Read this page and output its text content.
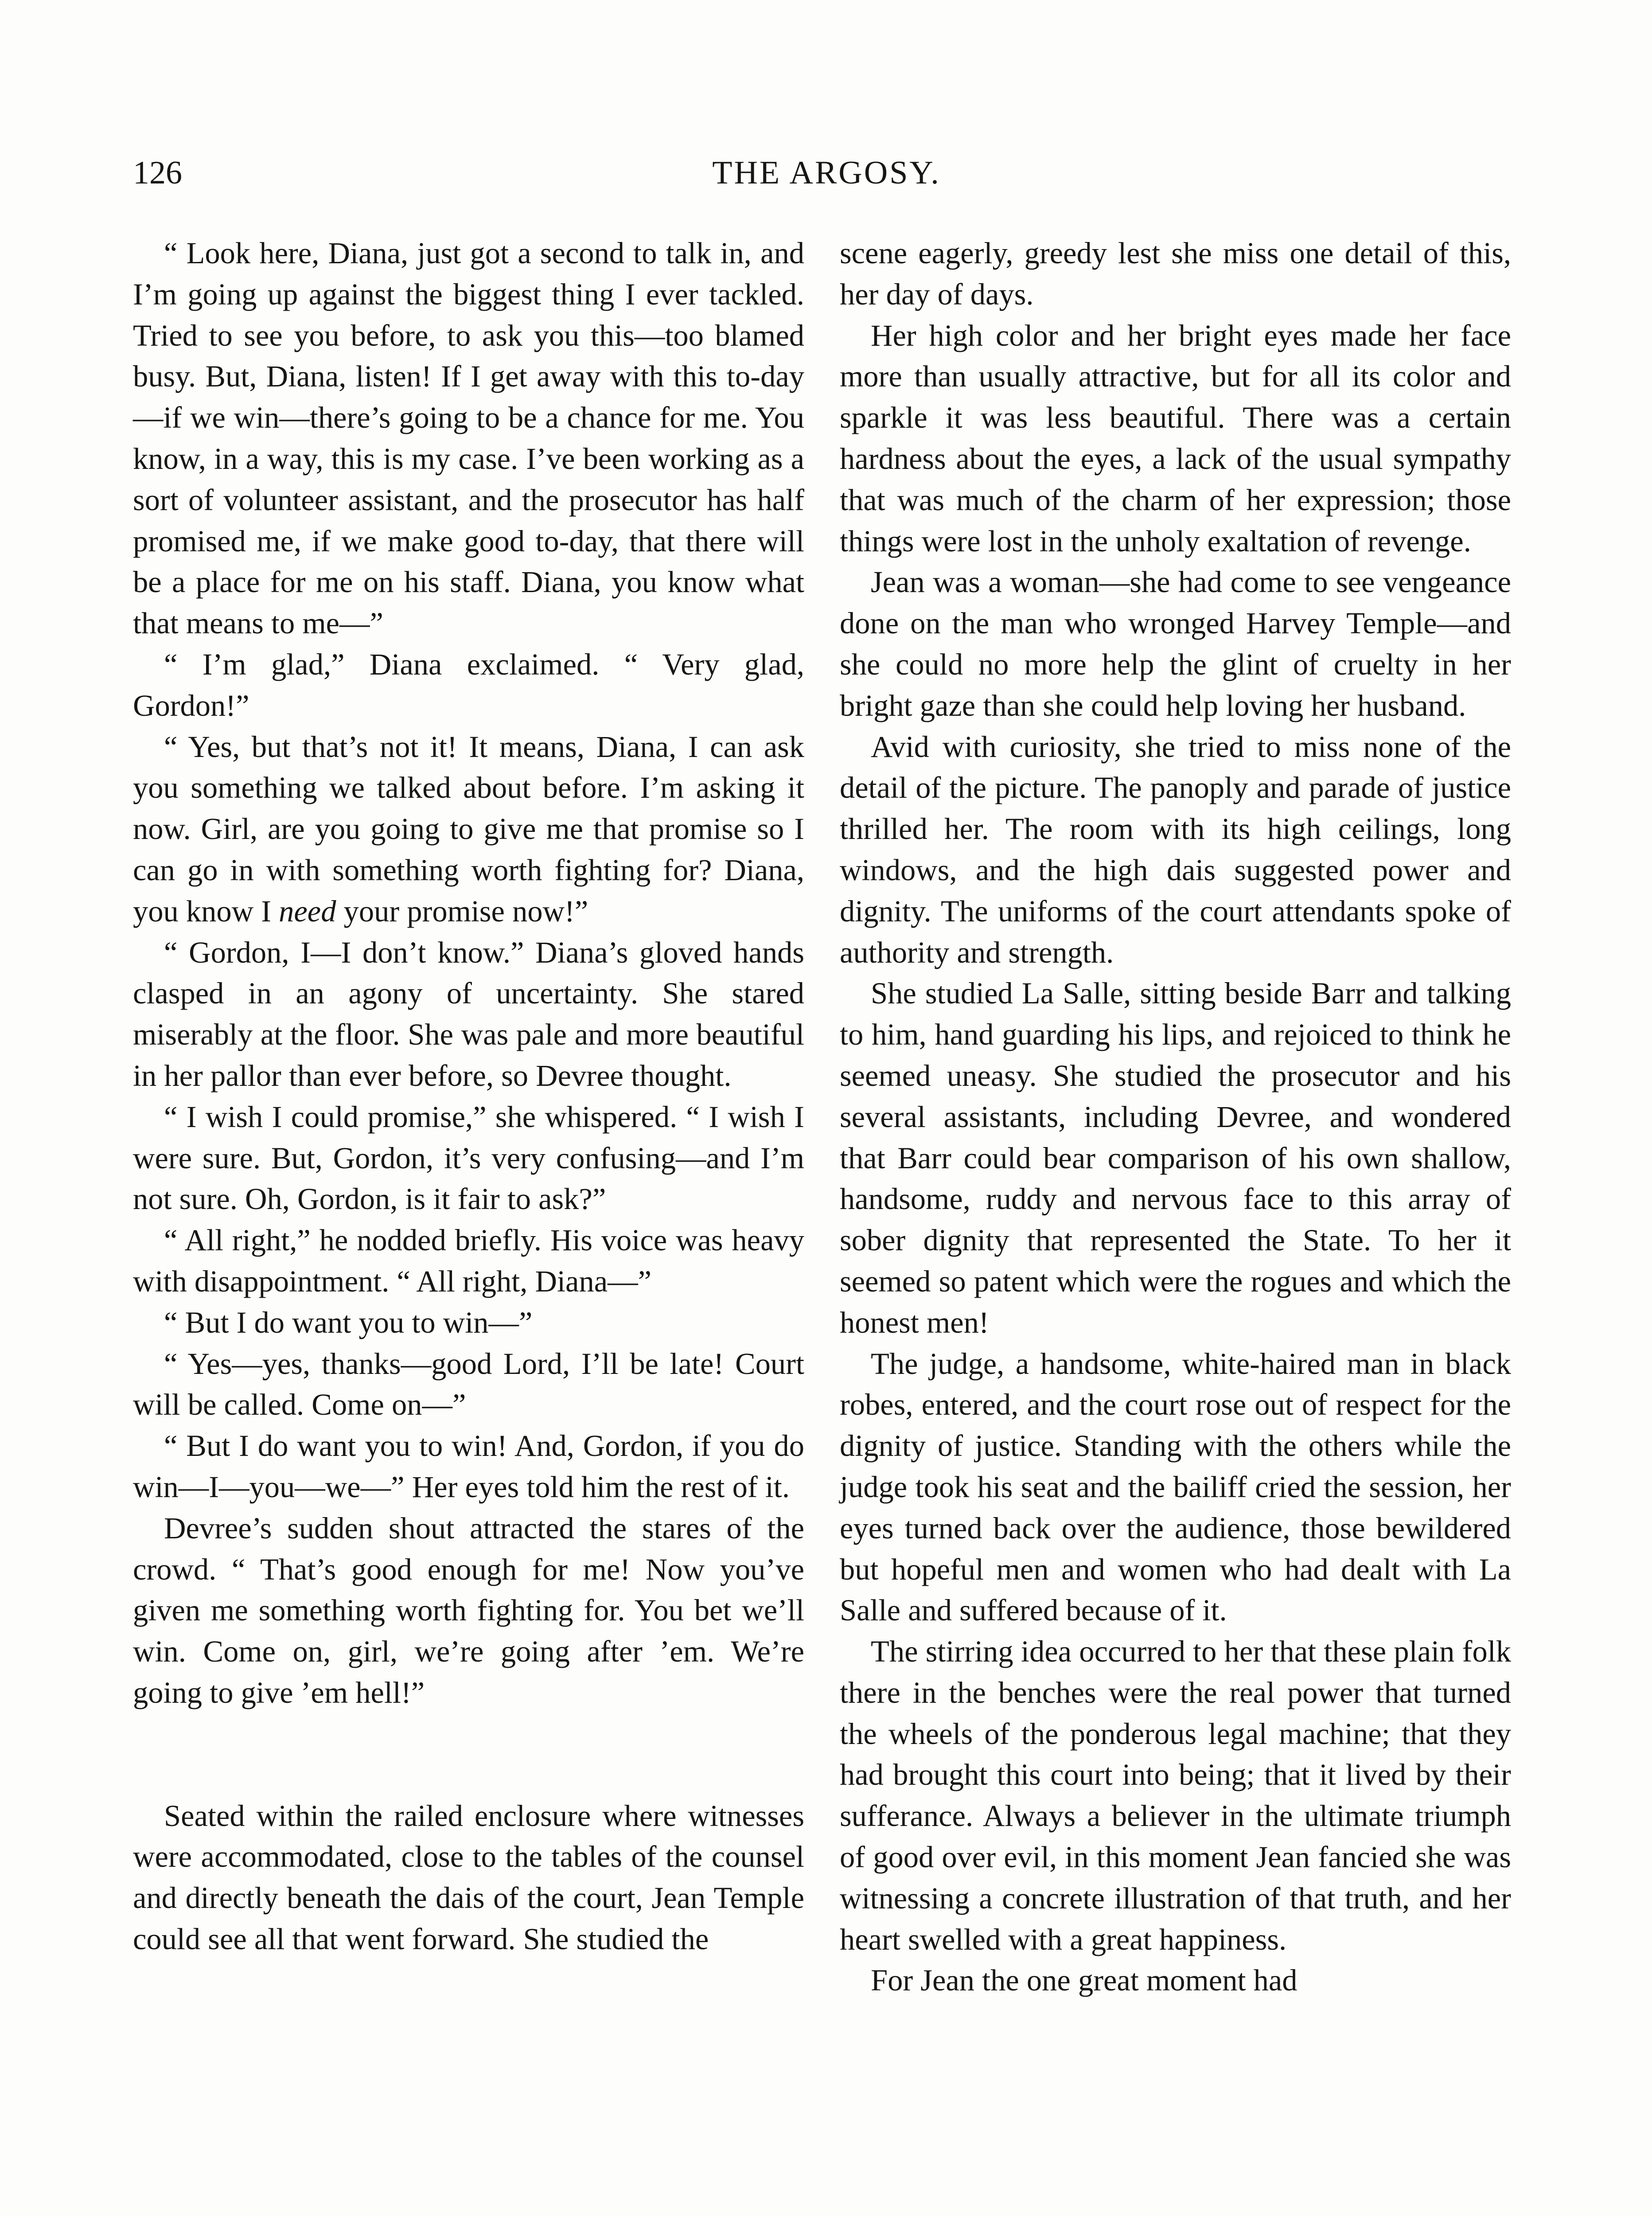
126	THE ARGOSY.

“ Look here, Diana, just got a second to talk in, and I’m going up against the biggest thing I ever tackled. Tried to see you before, to ask you this—too blamed busy. But, Diana, listen! If I get away with this to-day—if we win—there’s going to be a chance for me. You know, in a way, this is my case. I’ve been working as a sort of volunteer assistant, and the prosecutor has half promised me, if we make good to-day, that there will be a place for me on his staff. Diana, you know what that means to me—”

“ I’m glad,” Diana exclaimed. “ Very glad, Gordon!”

“ Yes, but that’s not it! It means, Diana, I can ask you something we talked about before. I’m asking it now. Girl, are you going to give me that promise so I can go in with something worth fighting for? Diana, you know I need your promise now!”

“ Gordon, I—I don’t know.” Diana’s gloved hands clasped in an agony of uncertainty. She stared miserably at the floor. She was pale and more beautiful in her pallor than ever before, so Devree thought.

“ I wish I could promise,” she whispered. “ I wish I were sure. But, Gordon, it’s very confusing—and I’m not sure. Oh, Gordon, is it fair to ask?”

“ All right,” he nodded briefly. His voice was heavy with disappointment. “ All right, Diana—”

“ But I do want you to win—”

“ Yes—yes, thanks—good Lord, I’ll be late! Court will be called. Come on—”

“ But I do want you to win! And, Gordon, if you do win—I—you—we—” Her eyes told him the rest of it.

Devree’s sudden shout attracted the stares of the crowd. “ That’s good enough for me! Now you’ve given me something worth fighting for. You bet we’ll win. Come on, girl, we’re going after ’em. We’re going to give ’em hell!”

Seated within the railed enclosure where witnesses were accommodated, close to the tables of the counsel and directly beneath the dais of the court, Jean Temple could see all that went forward. She studied the

scene eagerly, greedy lest she miss one detail of this, her day of days.

Her high color and her bright eyes made her face more than usually attractive, but for all its color and sparkle it was less beautiful. There was a certain hardness about the eyes, a lack of the usual sympathy that was much of the charm of her expression; those things were lost in the unholy exaltation of revenge.

Jean was a woman—she had come to see vengeance done on the man who wronged Harvey Temple—and she could no more help the glint of cruelty in her bright gaze than she could help loving her husband.

Avid with curiosity, she tried to miss none of the detail of the picture. The panoply and parade of justice thrilled her. The room with its high ceilings, long windows, and the high dais suggested power and dignity. The uniforms of the court attendants spoke of authority and strength.

She studied La Salle, sitting beside Barr and talking to him, hand guarding his lips, and rejoiced to think he seemed uneasy. She studied the prosecutor and his several assistants, including Devree, and wondered that Barr could bear comparison of his own shallow, handsome, ruddy and nervous face to this array of sober dignity that represented the State. To her it seemed so patent which were the rogues and which the honest men!

The judge, a handsome, white-haired man in black robes, entered, and the court rose out of respect for the dignity of justice. Standing with the others while the judge took his seat and the bailiff cried the session, her eyes turned back over the audience, those bewildered but hopeful men and women who had dealt with La Salle and suffered because of it.

The stirring idea occurred to her that these plain folk there in the benches were the real power that turned the wheels of the ponderous legal machine; that they had brought this court into being; that it lived by their sufferance. Always a believer in the ultimate triumph of good over evil, in this moment Jean fancied she was witnessing a concrete illustration of that truth, and her heart swelled with a great happiness.

For Jean the one great moment had
